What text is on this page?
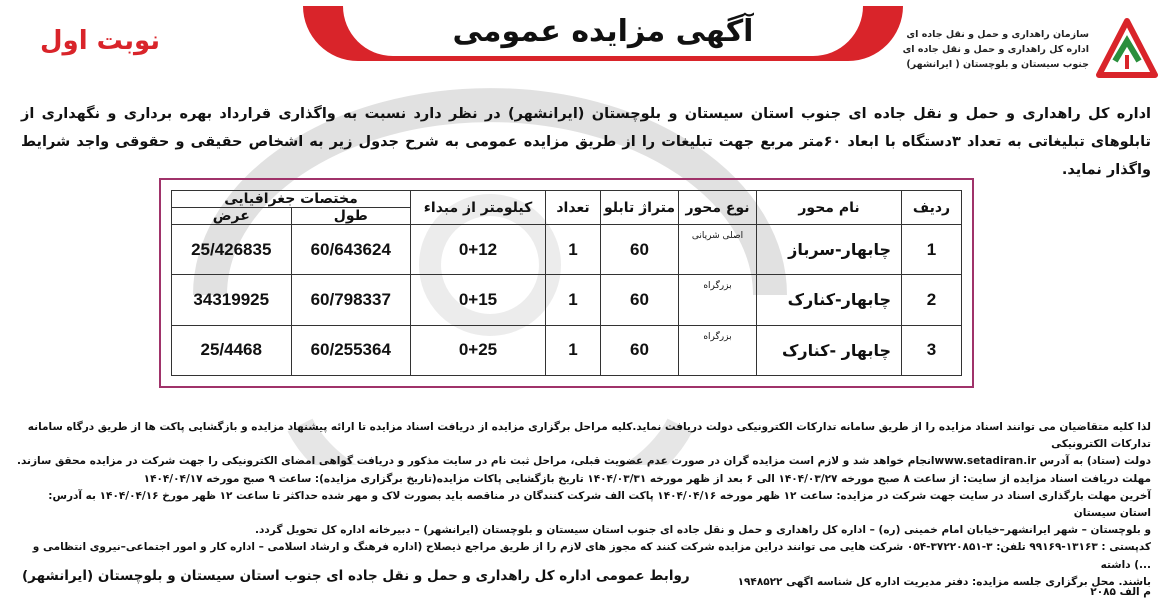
آگهی مزایده عمومی
نوبت اول	سازمان راهداری و حمل و نقل جاده ای
اداره کل راهداری و حمل و نقل جاده ای
جنوب سیستان و بلوچستان ( ایرانشهر)
اداره کل راهداری و حمل و نقل جاده ای جنوب استان سیستان و بلوچستان (ایرانشهر) در نظر دارد نسبت به واگذاری قرارداد بهره برداری و نگهداری از تابلوهای تبلیغاتی به تعداد ۳دستگاه با ابعاد ۶۰متر مربع جهت تبلیغات را از طریق مزایده عمومی به شرح جدول زیر به اشخاص حقیقی و حقوقی واجد شرایط واگذار نماید.
ردیف	نام محور	نوع محور	متراژ تابلو	تعداد	کیلومتر از مبداء	مختصات جغرافیایی	
						طول	عرض
1	چابهار-سرباز	اصلی شریانی	60	1	0+12	60/643624	25/426835
2	چابهار-کنارک	بزرگراه	60	1	0+15	60/798337	34319925
3	چابهار -کنارک	بزرگراه	60	1	0+25	60/255364	25/4468

لذا کلیه متقاضیان می توانند اسناد مزایده را از طریق سامانه تدارکات الکترونیکی دولت دریافت نماید.کلیه مراحل برگزاری مزایده از دریافت اسناد مزایده تا ارائه پیشنهاد مزایده و بازگشایی پاکت ها از طریق درگاه سامانه تدارکات الکترونیکی

دولت (ستاد) به آدرس www.setadiran.irانجام خواهد شد و لازم است مزایده گران در صورت عدم عضویت قبلی، مراحل ثبت نام در سایت مذکور و دریافت گواهی امضای الکترونیکی را جهت شرکت در مزایده محقق سازند.

مهلت دریافت اسناد مزایده از سایت: از ساعت ۸ صبح مورخه ۱۴۰۴/۰۳/۲۷ الی ۶ بعد از ظهر مورخه ۱۴۰۴/۰۳/۳۱ تاریخ بازگشایی پاکات مزایده(تاریخ برگزاری مزایده): ساعت ۹ صبح مورخه ۱۴۰۴/۰۴/۱۷

آخرین مهلت بارگذاری اسناد در سایت جهت شرکت در مزایده: ساعت ۱۲ ظهر مورخه ۱۴۰۴/۰۴/۱۶ پاکت الف شرکت کنندگان در مناقصه باید بصورت لاک و مهر شده حداکثر تا ساعت ۱۲ ظهر مورخ ۱۴۰۴/۰۴/۱۶ به آدرس: استان سیستان

و بلوچستان – شهر ایرانشهر–خیابان امام خمینی (ره) – اداره کل راهداری و حمل و نقل جاده ای جنوب استان سیستان و بلوچستان (ایرانشهر) – دبیرخانه اداره کل تحویل گردد.

کدپستی : ۱۳۱۶۳-۹۹۱۶۹ تلفن: ۳-۳۷۲۲۰۸۵۱-۰۵۴ شرکت هایی می توانند دراین مزایده شرکت کنند که مجوز های لازم را از طریق مراجع ذیصلاح (اداره فرهنگ و ارشاد اسلامی – اداره کار و امور اجتماعی–نیروی انتظامی و ...) داشته

باشند. محل برگزاری جلسه مزایده: دفتر مدیریت اداره کل شناسه اگهی ۱۹۴۸۵۲۲

روابط عمومی اداره کل راهداری و حمل و نقل جاده ای جنوب استان سیستان و بلوچستان (ایرانشهر)
م الف ۲۰۸۵
